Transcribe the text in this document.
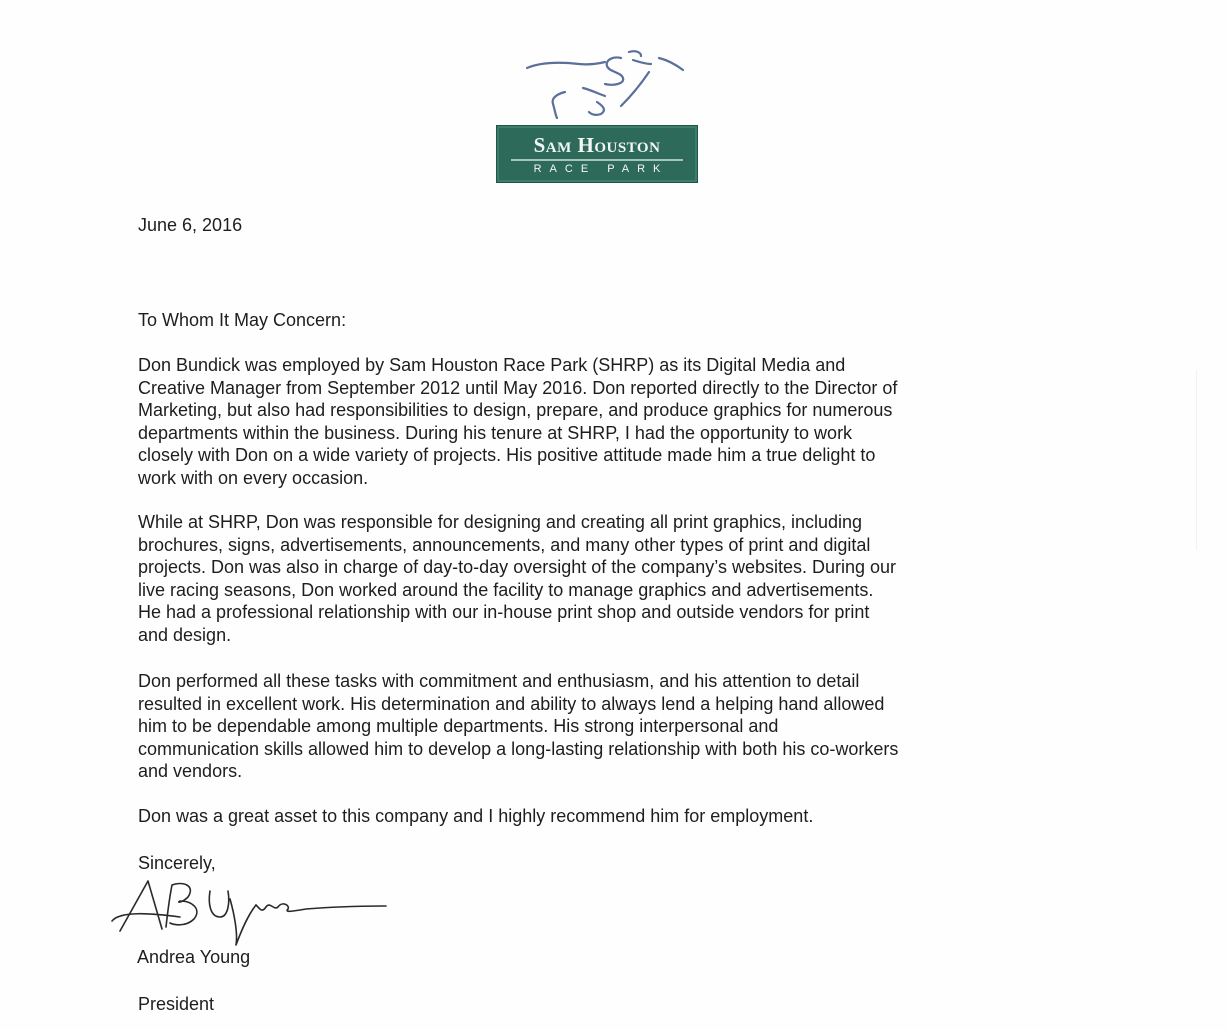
Sam Houston
RACE PARK

June 6, 2016

To Whom It May Concern:

Don Bundick was employed by Sam Houston Race Park (SHRP) as its Digital Media and
Creative Manager from September 2012 until May 2016. Don reported directly to the Director of
Marketing, but also had responsibilities to design, prepare, and produce graphics for numerous
departments within the business. During his tenure at SHRP, I had the opportunity to work
closely with Don on a wide variety of projects. His positive attitude made him a true delight to
work with on every occasion.
While at SHRP, Don was responsible for designing and creating all print graphics, including
brochures, signs, advertisements, announcements, and many other types of print and digital
projects. Don was also in charge of day-to-day oversight of the company’s websites. During our
live racing seasons, Don worked around the facility to manage graphics and advertisements.
He had a professional relationship with our in-house print shop and outside vendors for print
and design.
Don performed all these tasks with commitment and enthusiasm, and his attention to detail
resulted in excellent work. His determination and ability to always lend a helping hand allowed
him to be dependable among multiple departments. His strong interpersonal and
communication skills allowed him to develop a long-lasting relationship with both his co-workers
and vendors.

Don was a great asset to this company and I highly recommend him for employment.

Sincerely,

Andrea Young

President
